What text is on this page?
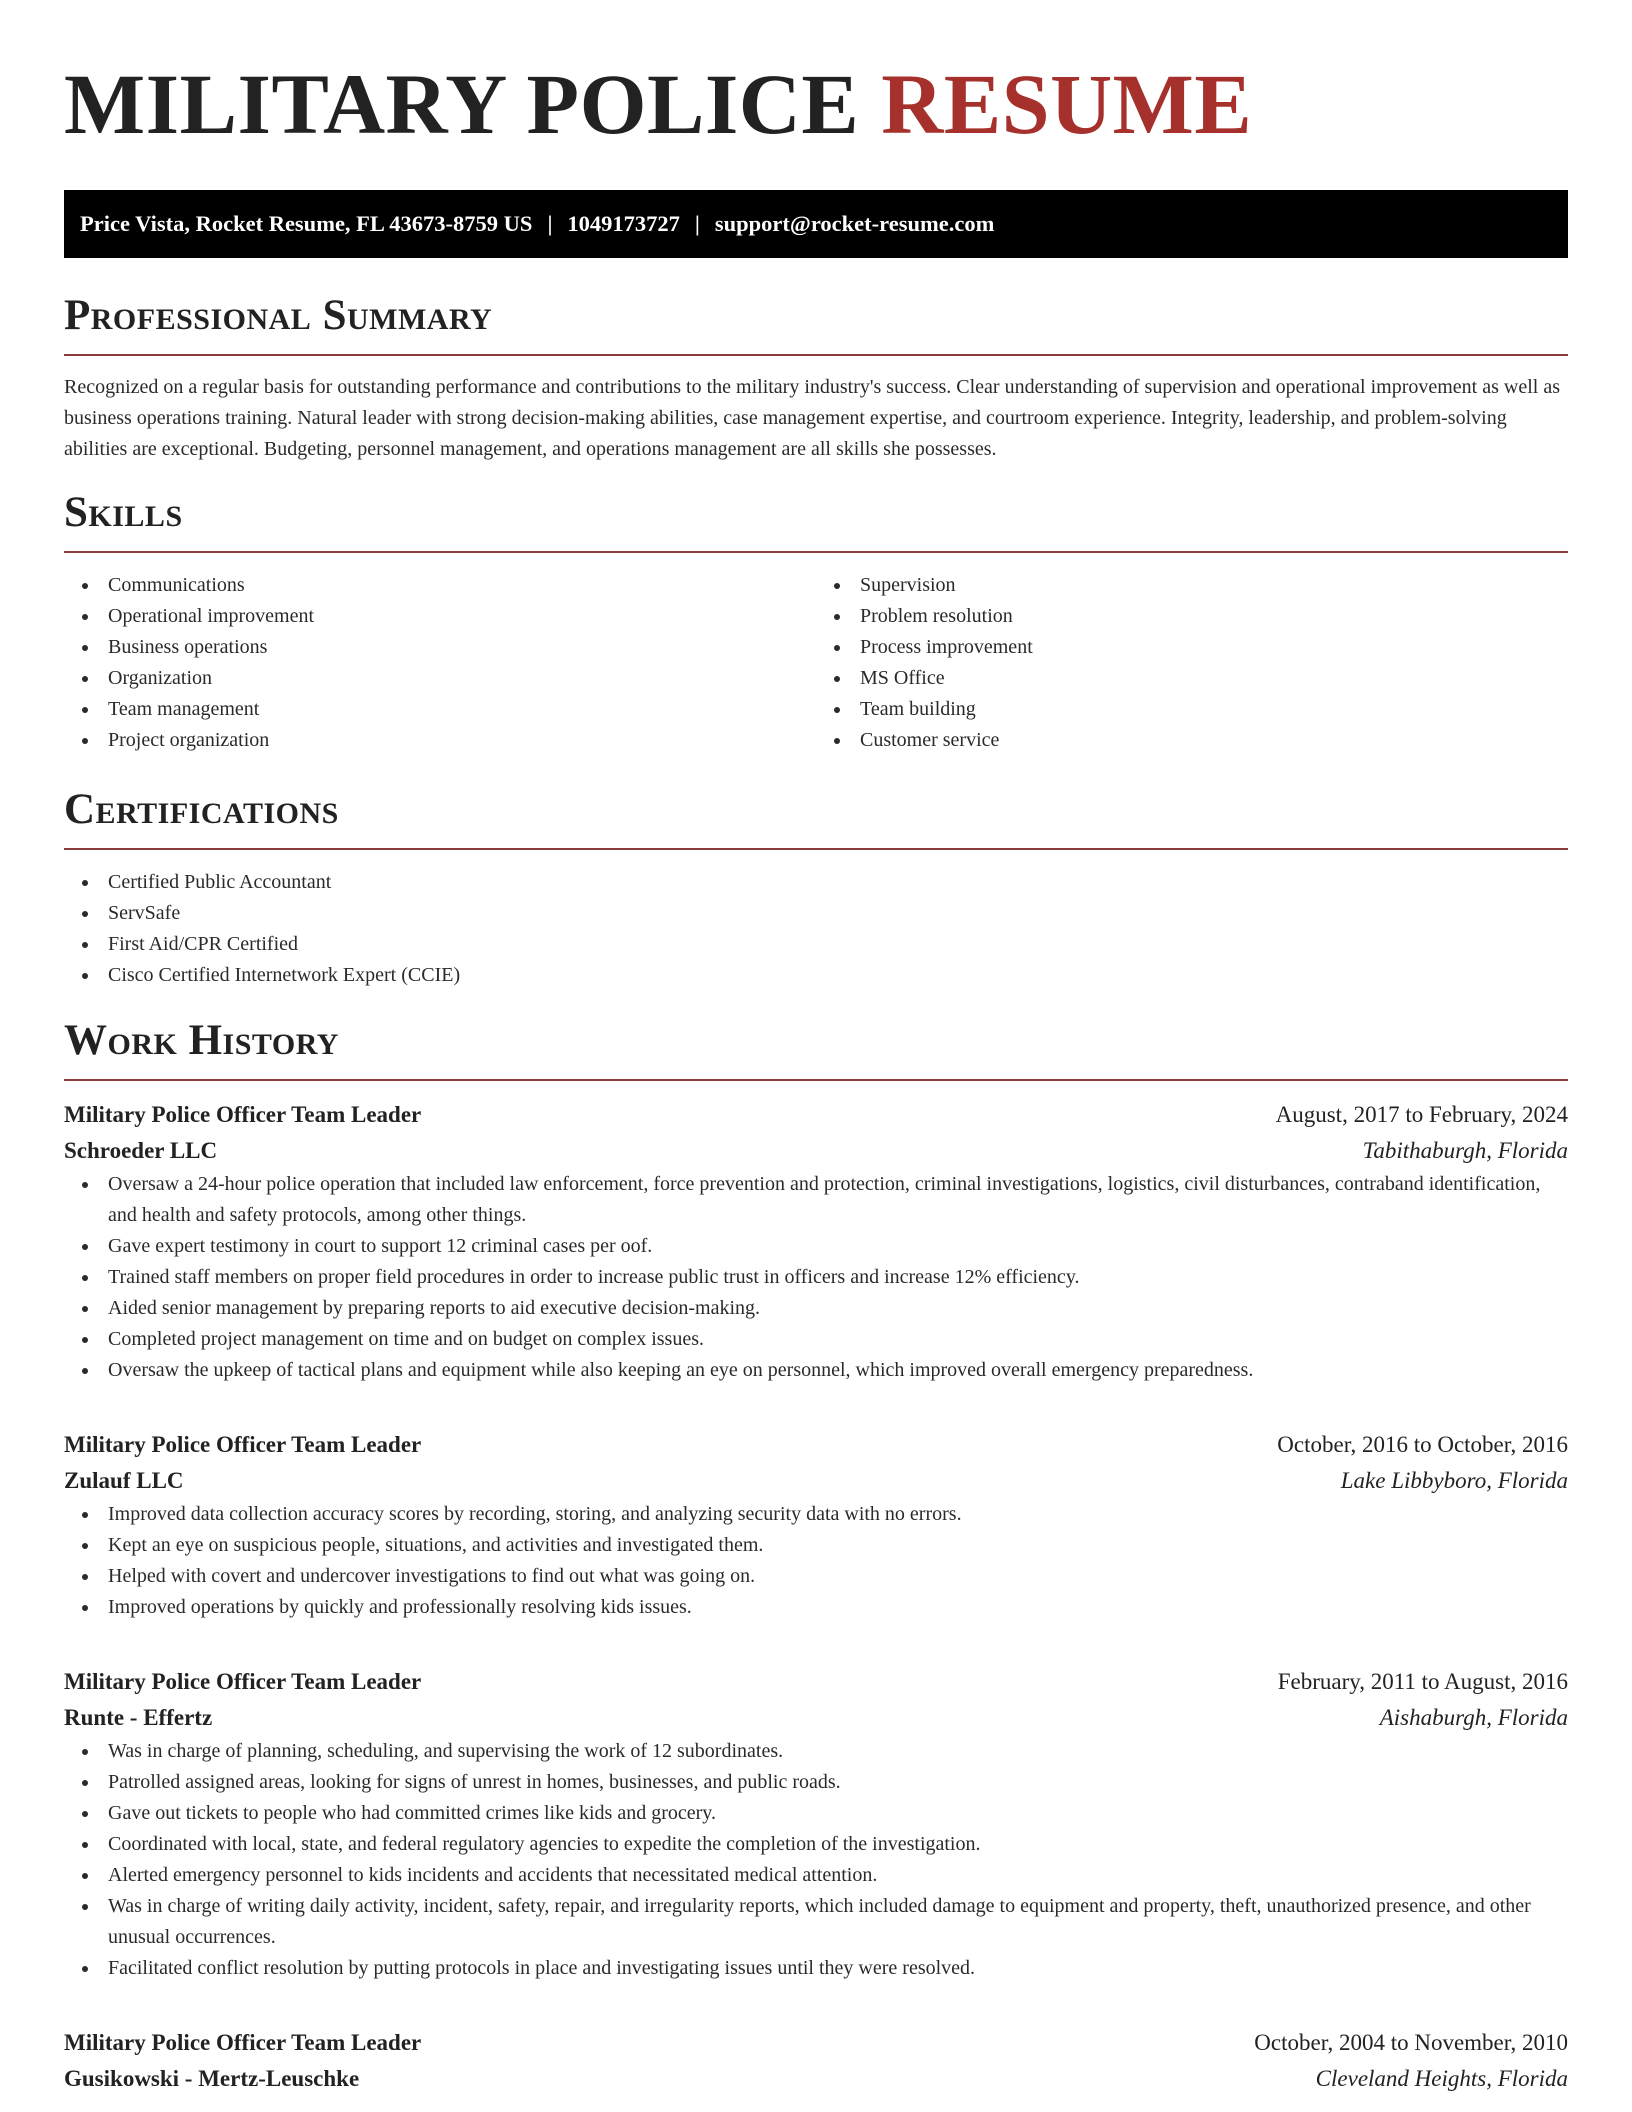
MILITARY POLICE RESUME
Price Vista, Rocket Resume, FL 43673-8759 US | 1049173727 | support@rocket-resume.com
Professional Summary

Recognized on a regular basis for outstanding performance and contributions to the military industry's success. Clear understanding of supervision and operational improvement as well as business operations training. Natural leader with strong decision-making abilities, case management expertise, and courtroom experience. Integrity, leadership, and problem-solving abilities are exceptional. Budgeting, personnel management, and operations management are all skills she possesses.

Skills
Communications
Operational improvement
Business operations
Organization
Team management
Project organization
Supervision
Problem resolution
Process improvement
MS Office
Team building
Customer service
Certifications
Certified Public Accountant
ServSafe
First Aid/CPR Certified
Cisco Certified Internetwork Expert (CCIE)
Work History
Military Police Officer Team Leader	August, 2017 to February, 2024
Schroeder LLC	Tabithaburgh, Florida
Oversaw a 24-hour police operation that included law enforcement, force prevention and protection, criminal investigations, logistics, civil disturbances, contraband identification, and health and safety protocols, among other things.
Gave expert testimony in court to support 12 criminal cases per oof.
Trained staff members on proper field procedures in order to increase public trust in officers and increase 12% efficiency.
Aided senior management by preparing reports to aid executive decision-making.
Completed project management on time and on budget on complex issues.
Oversaw the upkeep of tactical plans and equipment while also keeping an eye on personnel, which improved overall emergency preparedness.
Military Police Officer Team Leader	October, 2016 to October, 2016
Zulauf LLC	Lake Libbyboro, Florida
Improved data collection accuracy scores by recording, storing, and analyzing security data with no errors.
Kept an eye on suspicious people, situations, and activities and investigated them.
Helped with covert and undercover investigations to find out what was going on.
Improved operations by quickly and professionally resolving kids issues.
Military Police Officer Team Leader	February, 2011 to August, 2016
Runte - Effertz	Aishaburgh, Florida
Was in charge of planning, scheduling, and supervising the work of 12 subordinates.
Patrolled assigned areas, looking for signs of unrest in homes, businesses, and public roads.
Gave out tickets to people who had committed crimes like kids and grocery.
Coordinated with local, state, and federal regulatory agencies to expedite the completion of the investigation.
Alerted emergency personnel to kids incidents and accidents that necessitated medical attention.
Was in charge of writing daily activity, incident, safety, repair, and irregularity reports, which included damage to equipment and property, theft, unauthorized presence, and other unusual occurrences.
Facilitated conflict resolution by putting protocols in place and investigating issues until they were resolved.
Military Police Officer Team Leader	October, 2004 to November, 2010
Gusikowski - Mertz-Leuschke	Cleveland Heights, Florida
